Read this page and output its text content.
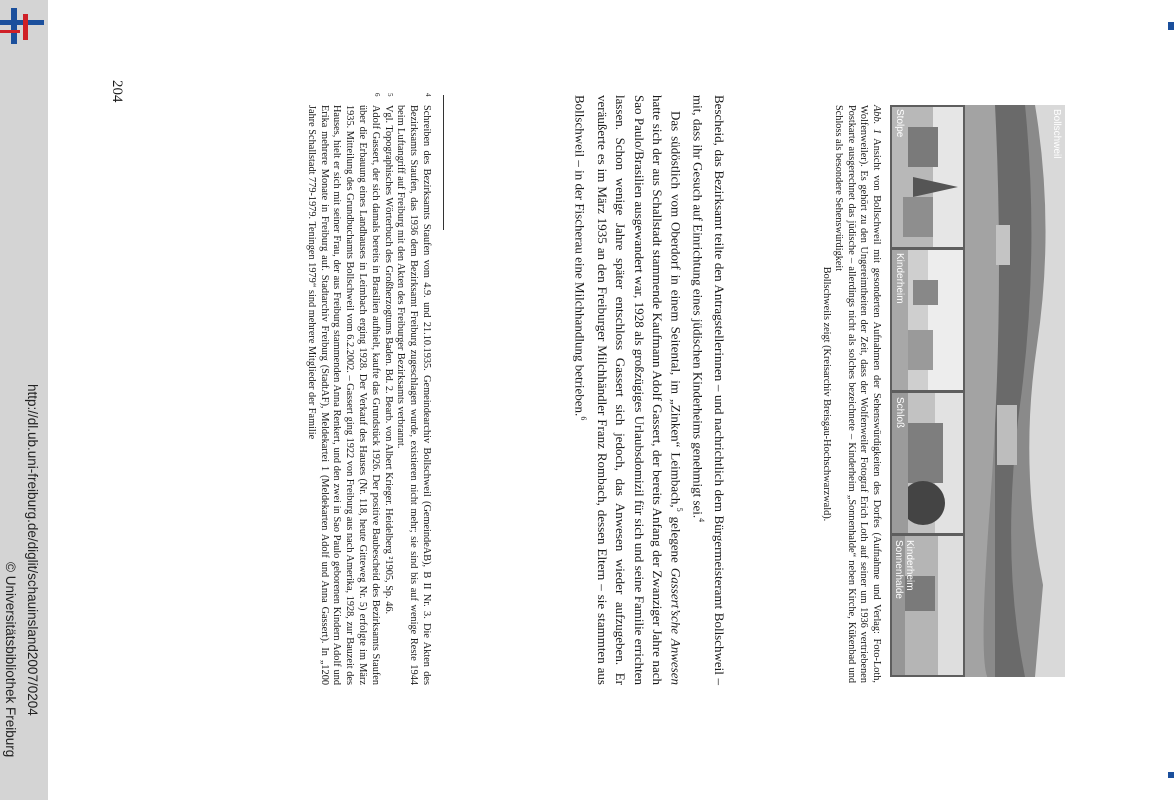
http://dl.ub.uni-freiburg.de/diglit/schauinsland2007/0204
© Universitätsbibliothek Freiburg
Bollschweil
Stolpe
Kinderheim
Schloß
Kinderheim Sonnenhalde
Abb. 1 Ansicht von Bollschweil mit gesonderten Aufnahmen der Sehenswürdigkeiten des Dorfes (Aufnahme und Verlag: Foto-Loth, Wolfenweiler). Es gehört zu den Ungereimtheiten der Zeit, dass der Wolfenweiler Fotograf Erich Loth auf seiner um 1936 vertriebenen Postkarte ausgerechnet das jüdische – allerdings nicht als solches bezeichnete – Kinderheim „Sonnenhalde“ neben Kirche, Kükenbad und Schloss als besondere Sehenswürdigkeit
Bollschweils zeigt (Kreisarchiv Breisgau-Hochschwarzwald).

Bescheid, das Bezirksamt teilte den Antragstellerinnen – und nachrichtlich dem Bürgermeisteramt Bollschweil – mit, dass ihr Gesuch auf Einrichtung eines jüdischen Kinderheims genehmigt sei.$^4$

Das südöstlich vom Oberdorf in einem Seitental, im „Zinken“ Leimbach,$^5$ gelegene Gassert’sche Anwesen hatte sich der aus Schallstadt stammende Kaufmann Adolf Gassert, der bereits Anfang der Zwanziger Jahre nach Sao Paulo/Brasilien ausgewandert war, 1928 als großzügiges Urlaubsdomizil für sich und seine Familie errichten lassen. Schon wenige Jahre später entschloss Gassert sich jedoch, das Anwesen wieder aufzugeben. Er veräußerte es im März 1935 an den Freiburger Milchhändler Franz Rombach, dessen Eltern – sie stammten aus Bollschweil – in der Fischerau eine Milchhandlung betrieben.$^6$

4
Schreiben des Bezirksamts Staufen vom 4.9. und 21.10.1935. Gemeindearchiv Bollschweil (GemeindeAB), B II Nr. 3. Die Akten des Bezirksamts Staufen, das 1936 dem Bezirksamt Freiburg zugeschlagen wurde, existieren nicht mehr; sie sind bis auf wenige Reste 1944 beim Luftangriff auf Freiburg mit den Akten des Freiburger Bezirksamts verbrannt.

5
Vgl. Topographisches Wörterbuch des Großherzogtums Baden. Bd. 2. Bearb. von Albert Krieger. Heidelberg ²1905, Sp. 46.

6
Adolf Gassert, der sich damals bereits in Brasilien aufhielt, kaufte das Grundstück 1926. Der positive Baubescheid des Bezirksamts Staufen über die Erbauung eines Landhauses in Leimbach erging 1928. Der Verkauf des Hauses (Nr. 118, heute Gitteweg Nr. 5) erfolgte im März 1935. Mitteilung des Grundbuchamts Bollschweil vom 6.2.2002. – Gassert ging 1922 von Freiburg aus nach Amerika, 1928, zur Bauzeit des Hauses, hielt er sich mit seiner Frau, der aus Freiburg stammenden Anna Renkert, und den zwei in Sao Paulo geborenen Kindern Adolf und Erika mehrere Monate in Freiburg auf. Stadtarchiv Freiburg (StadtAF), Meldekartei 1 (Meldekarten Adolf und Anna Gassert). In „1200 Jahre Schallstadt 779-1979. Teningen 1979“ sind mehrere Mitglieder der Familie

204
